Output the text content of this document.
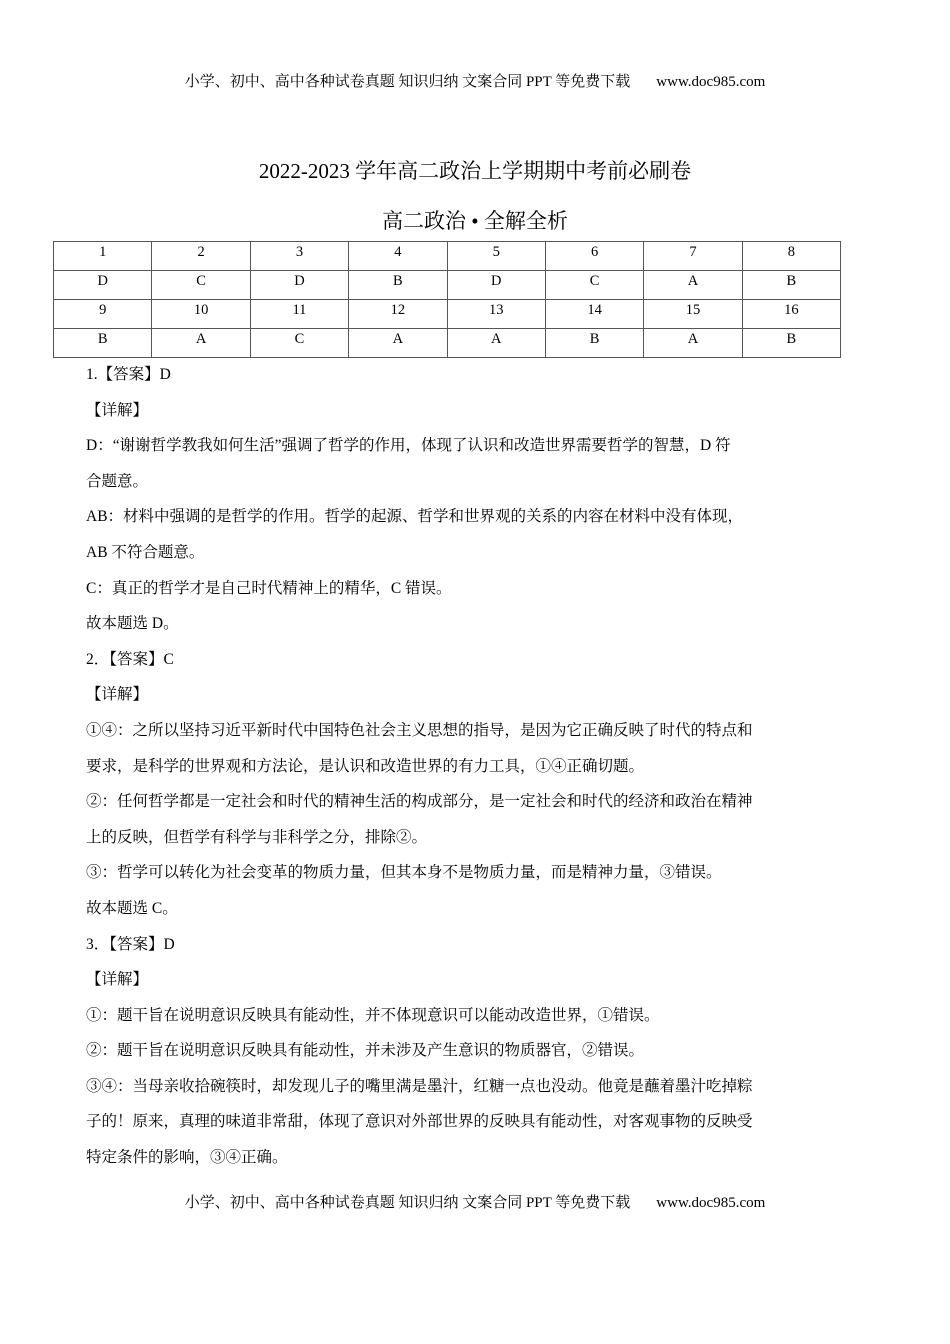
小学、初中、高中各种试卷真题 知识归纳 文案合同 PPT 等免费下载 www.doc985.com
2022-2023 学年高二政治上学期期中考前必刷卷
高二政治 • 全解全析
1	2	3	4	5	6	7	8
D	C	D	B	D	C	A	B
9	10	11	12	13	14	15	16
B	A	C	A	A	B	A	B
1.【答案】D
【详解】
D：“谢谢哲学教我如何生活”强调了哲学的作用，体现了认识和改造世界需要哲学的智慧，D 符
合题意。
AB：材料中强调的是哲学的作用。哲学的起源、哲学和世界观的关系的内容在材料中没有体现，
AB 不符合题意。
C：真正的哲学才是自己时代精神上的精华，C 错误。
故本题选 D。
2．【答案】C
【详解】
①④：之所以坚持习近平新时代中国特色社会主义思想的指导，是因为它正确反映了时代的特点和
要求，是科学的世界观和方法论，是认识和改造世界的有力工具，①④正确切题。
②：任何哲学都是一定社会和时代的精神生活的构成部分，是一定社会和时代的经济和政治在精神
上的反映，但哲学有科学与非科学之分，排除②。
③：哲学可以转化为社会变革的物质力量，但其本身不是物质力量，而是精神力量，③错误。
故本题选 C。
3．【答案】D
【详解】
①：题干旨在说明意识反映具有能动性，并不体现意识可以能动改造世界，①错误。
②：题干旨在说明意识反映具有能动性，并未涉及产生意识的物质器官，②错误。
③④：当母亲收拾碗筷时，却发现儿子的嘴里满是墨汁，红糖一点也没动。他竟是蘸着墨汁吃掉粽
子的！原来，真理的味道非常甜，体现了意识对外部世界的反映具有能动性，对客观事物的反映受
特定条件的影响，③④正确。
小学、初中、高中各种试卷真题 知识归纳 文案合同 PPT 等免费下载 www.doc985.com
